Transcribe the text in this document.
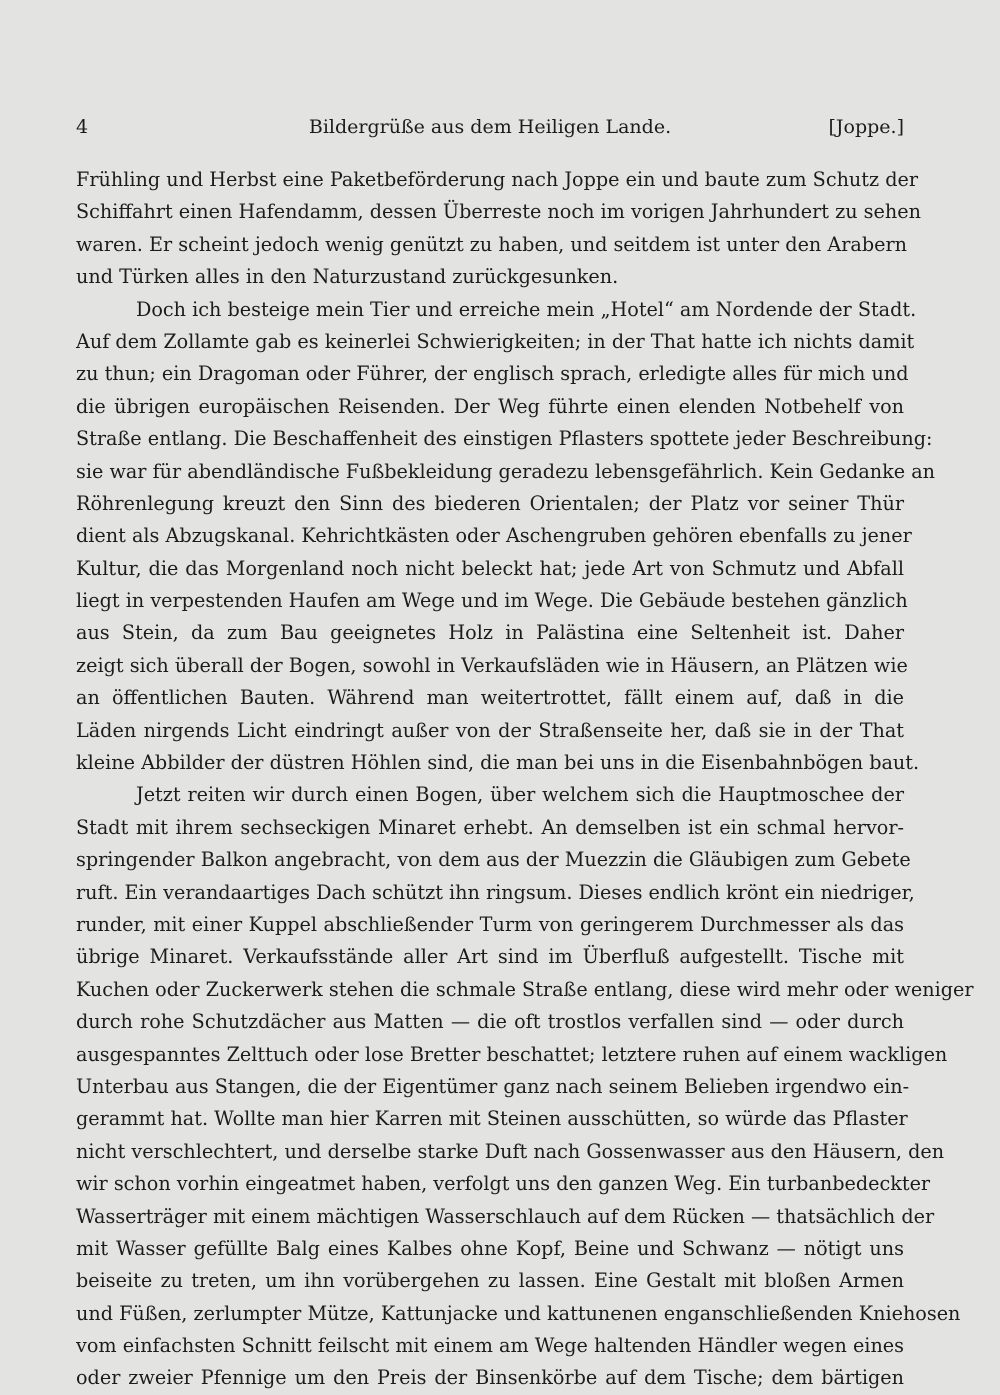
4	Bildergrüße aus dem Heiligen Lande.	[Joppe.]
Frühling und Herbst eine Paketbeförderung nach Joppe ein und baute zum Schutz der
Schiffahrt einen Hafendamm, dessen Überreste noch im vorigen Jahrhundert zu sehen
waren. Er scheint jedoch wenig genützt zu haben, und seitdem ist unter den Arabern
und Türken alles in den Naturzustand zurückgesunken.
Doch ich besteige mein Tier und erreiche mein „Hotel“ am Nordende der Stadt.
Auf dem Zollamte gab es keinerlei Schwierigkeiten; in der That hatte ich nichts damit
zu thun; ein Dragoman oder Führer, der englisch sprach, erledigte alles für mich und
die übrigen europäischen Reisenden. Der Weg führte einen elenden Notbehelf von
Straße entlang. Die Beschaffenheit des einstigen Pflasters spottete jeder Beschreibung:
sie war für abendländische Fußbekleidung geradezu lebensgefährlich. Kein Gedanke an
Röhrenlegung kreuzt den Sinn des biederen Orientalen; der Platz vor seiner Thür
dient als Abzugskanal. Kehrichtkästen oder Aschengruben gehören ebenfalls zu jener
Kultur, die das Morgenland noch nicht beleckt hat; jede Art von Schmutz und Abfall
liegt in verpestenden Haufen am Wege und im Wege. Die Gebäude bestehen gänzlich
aus Stein, da zum Bau geeignetes Holz in Palästina eine Seltenheit ist. Daher
zeigt sich überall der Bogen, sowohl in Verkaufsläden wie in Häusern, an Plätzen wie
an öffentlichen Bauten. Während man weitertrottet, fällt einem auf, daß in die
Läden nirgends Licht eindringt außer von der Straßenseite her, daß sie in der That
kleine Abbilder der düstren Höhlen sind, die man bei uns in die Eisenbahnbögen baut.
Jetzt reiten wir durch einen Bogen, über welchem sich die Hauptmoschee der
Stadt mit ihrem sechseckigen Minaret erhebt. An demselben ist ein schmal hervor-
springender Balkon angebracht, von dem aus der Muezzin die Gläubigen zum Gebete
ruft. Ein verandaartiges Dach schützt ihn ringsum. Dieses endlich krönt ein niedriger,
runder, mit einer Kuppel abschließender Turm von geringerem Durchmesser als das
übrige Minaret. Verkaufsstände aller Art sind im Überfluß aufgestellt. Tische mit
Kuchen oder Zuckerwerk stehen die schmale Straße entlang, diese wird mehr oder weniger
durch rohe Schutzdächer aus Matten — die oft trostlos verfallen sind — oder durch
ausgespanntes Zelttuch oder lose Bretter beschattet; letztere ruhen auf einem wackligen
Unterbau aus Stangen, die der Eigentümer ganz nach seinem Belieben irgendwo ein-
gerammt hat. Wollte man hier Karren mit Steinen ausschütten, so würde das Pflaster
nicht verschlechtert, und derselbe starke Duft nach Gossenwasser aus den Häusern, den
wir schon vorhin eingeatmet haben, verfolgt uns den ganzen Weg. Ein turbanbedeckter
Wasserträger mit einem mächtigen Wasserschlauch auf dem Rücken — thatsächlich der
mit Wasser gefüllte Balg eines Kalbes ohne Kopf, Beine und Schwanz — nötigt uns
beiseite zu treten, um ihn vorübergehen zu lassen. Eine Gestalt mit bloßen Armen
und Füßen, zerlumpter Mütze, Kattunjacke und kattunenen enganschließenden Kniehosen
vom einfachsten Schnitt feilscht mit einem am Wege haltenden Händler wegen eines
oder zweier Pfennige um den Preis der Binsenkörbe auf dem Tische; dem bärtigen
